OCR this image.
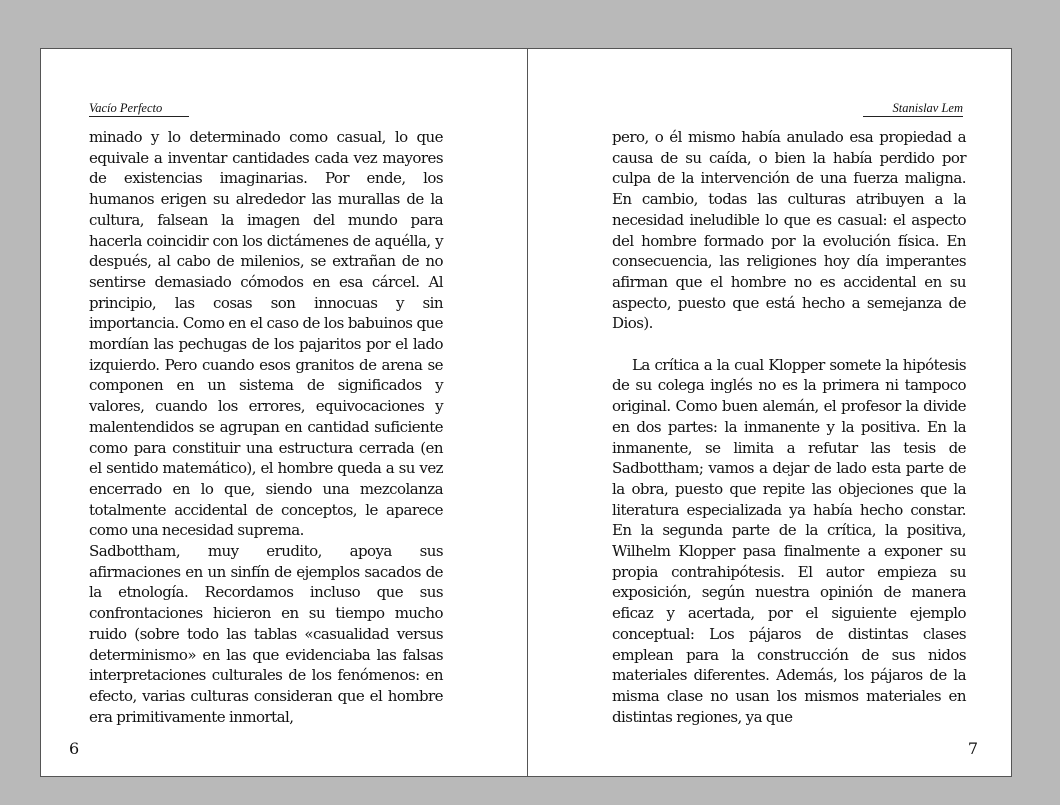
Vacío Perfecto

minado y lo determinado como casual, lo que equivale a inventar cantidades cada vez mayores de existencias imaginarias. Por ende, los humanos erigen su alrededor las murallas de la cultura, falsean la imagen del mundo para hacerla coincidir con los dictámenes de aquélla, y después, al cabo de milenios, se extrañan de no sentirse demasiado cómodos en esa cárcel. Al principio, las cosas son innocuas y sin importancia. Como en el caso de los babuinos que mordían las pechugas de los pajaritos por el lado izquierdo. Pero cuando esos granitos de arena se componen en un sistema de significados y valores, cuando los errores, equivocaciones y malentendidos se agrupan en cantidad suficiente como para constituir una estructura cerrada (en el sentido matemático), el hombre queda a su vez encerrado en lo que, siendo una mezcolanza totalmente accidental de conceptos, le aparece como una necesidad suprema.

Sadbottham, muy erudito, apoya sus afirmaciones en un sinfín de ejemplos sacados de la etnología. Recordamos incluso que sus confrontaciones hicieron en su tiempo mucho ruido (sobre todo las tablas «casualidad versus determinismo» en las que evidenciaba las falsas interpretaciones culturales de los fenómenos: en efecto, varias culturas consideran que el hombre era primitivamente inmortal,

6
Stanislav Lem

pero, o él mismo había anulado esa propiedad a causa de su caída, o bien la había perdido por culpa de la intervención de una fuerza maligna. En cambio, todas las culturas atribuyen a la necesidad ineludible lo que es casual: el aspecto del hombre formado por la evolución física. En consecuencia, las religiones hoy día imperantes afirman que el hombre no es accidental en su aspecto, puesto que está hecho a semejanza de Dios).

La crítica a la cual Klopper somete la hipótesis de su colega inglés no es la primera ni tampoco original. Como buen alemán, el profesor la divide en dos partes: la inmanente y la positiva. En la inmanente, se limita a refutar las tesis de Sadbottham; vamos a dejar de lado esta parte de la obra, puesto que repite las objeciones que la literatura especializada ya había hecho constar. En la segunda parte de la crítica, la positiva, Wilhelm Klopper pasa finalmente a exponer su propia contrahipótesis. El autor empieza su exposición, según nuestra opinión de manera eficaz y acertada, por el siguiente ejemplo conceptual: Los pájaros de distintas clases emplean para la construcción de sus nidos materiales diferentes. Además, los pájaros de la misma clase no usan los mismos materiales en distintas regiones, ya que

7
